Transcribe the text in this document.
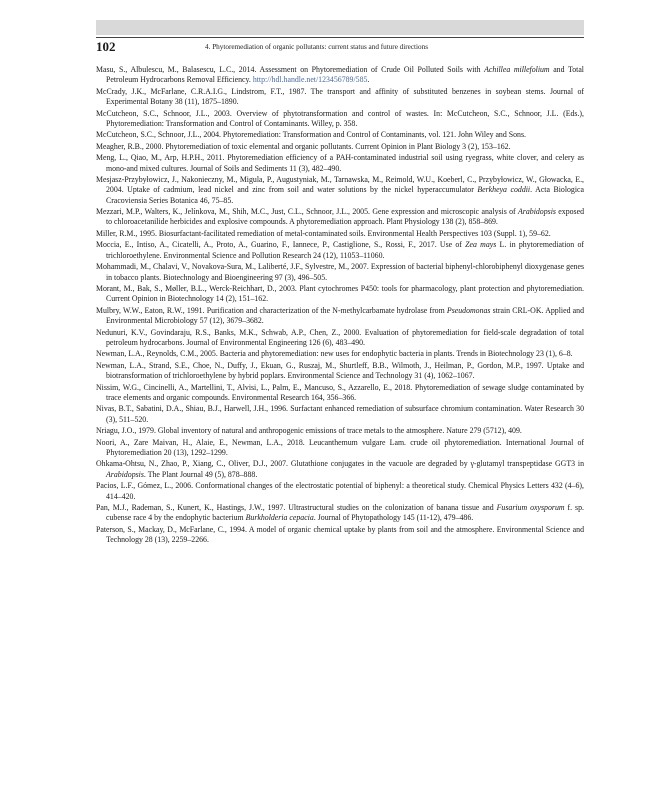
102	4. Phytoremediation of organic pollutants: current status and future directions

Masu, S., Albulescu, M., Balasescu, L.C., 2014. Assessment on Phytoremediation of Crude Oil Polluted Soils with Achillea millefolium and Total Petroleum Hydrocarbons Removal Efficiency. http://hdl.handle.net/123456789/585.

McCrady, J.K., McFarlane, C.R.A.I.G., Lindstrom, F.T., 1987. The transport and affinity of substituted benzenes in soybean stems. Journal of Experimental Botany 38 (11), 1875–1890.

McCutcheon, S.C., Schnoor, J.L., 2003. Overview of phytotransformation and control of wastes. In: McCutcheon, S.C., Schnoor, J.L. (Eds.), Phytoremediation: Transformation and Control of Contaminants. Willey, p. 358.

McCutcheon, S.C., Schnoor, J.L., 2004. Phytoremediation: Transformation and Control of Contaminants, vol. 121. John Wiley and Sons.

Meagher, R.B., 2000. Phytoremediation of toxic elemental and organic pollutants. Current Opinion in Plant Biology 3 (2), 153–162.

Meng, L., Qiao, M., Arp, H.P.H., 2011. Phytoremediation efficiency of a PAH-contaminated industrial soil using ryegrass, white clover, and celery as mono-and mixed cultures. Journal of Soils and Sediments 11 (3), 482–490.

Mesjasz-Przybyłowicz, J., Nakonieczny, M., Migula, P., Augustyniak, M., Tarnawska, M., Reimold, W.U., Koeberl, C., Przybyłowicz, W., Głowacka, E., 2004. Uptake of cadmium, lead nickel and zinc from soil and water solutions by the nickel hyperaccumulator Berkheya coddii. Acta Biologica Cracoviensia Series Botanica 46, 75–85.

Mezzari, M.P., Walters, K., Jelínkova, M., Shih, M.C., Just, C.L., Schnoor, J.L., 2005. Gene expression and microscopic analysis of Arabidopsis exposed to chloroacetanilide herbicides and explosive compounds. A phytoremediation approach. Plant Physiology 138 (2), 858–869.

Miller, R.M., 1995. Biosurfactant-facilitated remediation of metal-contaminated soils. Environmental Health Perspectives 103 (Suppl. 1), 59–62.

Moccia, E., Intiso, A., Cicatelli, A., Proto, A., Guarino, F., Iannece, P., Castiglione, S., Rossi, F., 2017. Use of Zea mays L. in phytoremediation of trichloroethylene. Environmental Science and Pollution Research 24 (12), 11053–11060.

Mohammadi, M., Chalavi, V., Novakova-Sura, M., Laliberté, J.F., Sylvestre, M., 2007. Expression of bacterial biphenyl-chlorobiphenyl dioxygenase genes in tobacco plants. Biotechnology and Bioengineering 97 (3), 496–505.

Morant, M., Bak, S., Møller, B.L., Werck-Reichhart, D., 2003. Plant cytochromes P450: tools for pharmacology, plant protection and phytoremediation. Current Opinion in Biotechnology 14 (2), 151–162.

Mulbry, W.W., Eaton, R.W., 1991. Purification and characterization of the N-methylcarbamate hydrolase from Pseudomonas strain CRL-OK. Applied and Environmental Microbiology 57 (12), 3679–3682.

Nedunuri, K.V., Govindaraju, R.S., Banks, M.K., Schwab, A.P., Chen, Z., 2000. Evaluation of phytoremediation for field-scale degradation of total petroleum hydrocarbons. Journal of Environmental Engineering 126 (6), 483–490.

Newman, L.A., Reynolds, C.M., 2005. Bacteria and phytoremediation: new uses for endophytic bacteria in plants. Trends in Biotechnology 23 (1), 6–8.

Newman, L.A., Strand, S.E., Choe, N., Duffy, J., Ekuan, G., Ruszaj, M., Shurtleff, B.B., Wilmoth, J., Heilman, P., Gordon, M.P., 1997. Uptake and biotransformation of trichloroethylene by hybrid poplars. Environmental Science and Technology 31 (4), 1062–1067.

Nissim, W.G., Cincinelli, A., Martellini, T., Alvisi, L., Palm, E., Mancuso, S., Azzarello, E., 2018. Phytoremediation of sewage sludge contaminated by trace elements and organic compounds. Environmental Research 164, 356–366.

Nivas, B.T., Sabatini, D.A., Shiau, B.J., Harwell, J.H., 1996. Surfactant enhanced remediation of subsurface chromium contamination. Water Research 30 (3), 511–520.

Nriagu, J.O., 1979. Global inventory of natural and anthropogenic emissions of trace metals to the atmosphere. Nature 279 (5712), 409.

Noori, A., Zare Maivan, H., Alaie, E., Newman, L.A., 2018. Leucanthemum vulgare Lam. crude oil phytoremediation. International Journal of Phytoremediation 20 (13), 1292–1299.

Ohkama-Ohtsu, N., Zhao, P., Xiang, C., Oliver, D.J., 2007. Glutathione conjugates in the vacuole are degraded by γ-glutamyl transpeptidase GGT3 in Arabidopsis. The Plant Journal 49 (5), 878–888.

Pacios, L.F., Gómez, L., 2006. Conformational changes of the electrostatic potential of biphenyl: a theoretical study. Chemical Physics Letters 432 (4–6), 414–420.

Pan, M.J., Rademan, S., Kunert, K., Hastings, J.W., 1997. Ultrastructural studies on the colonization of banana tissue and Fusarium oxysporum f. sp. cubense race 4 by the endophytic bacterium Burkholderia cepacia. Journal of Phytopathology 145 (11-12), 479–486.

Paterson, S., Mackay, D., McFarlane, C., 1994. A model of organic chemical uptake by plants from soil and the atmosphere. Environmental Science and Technology 28 (13), 2259–2266.
